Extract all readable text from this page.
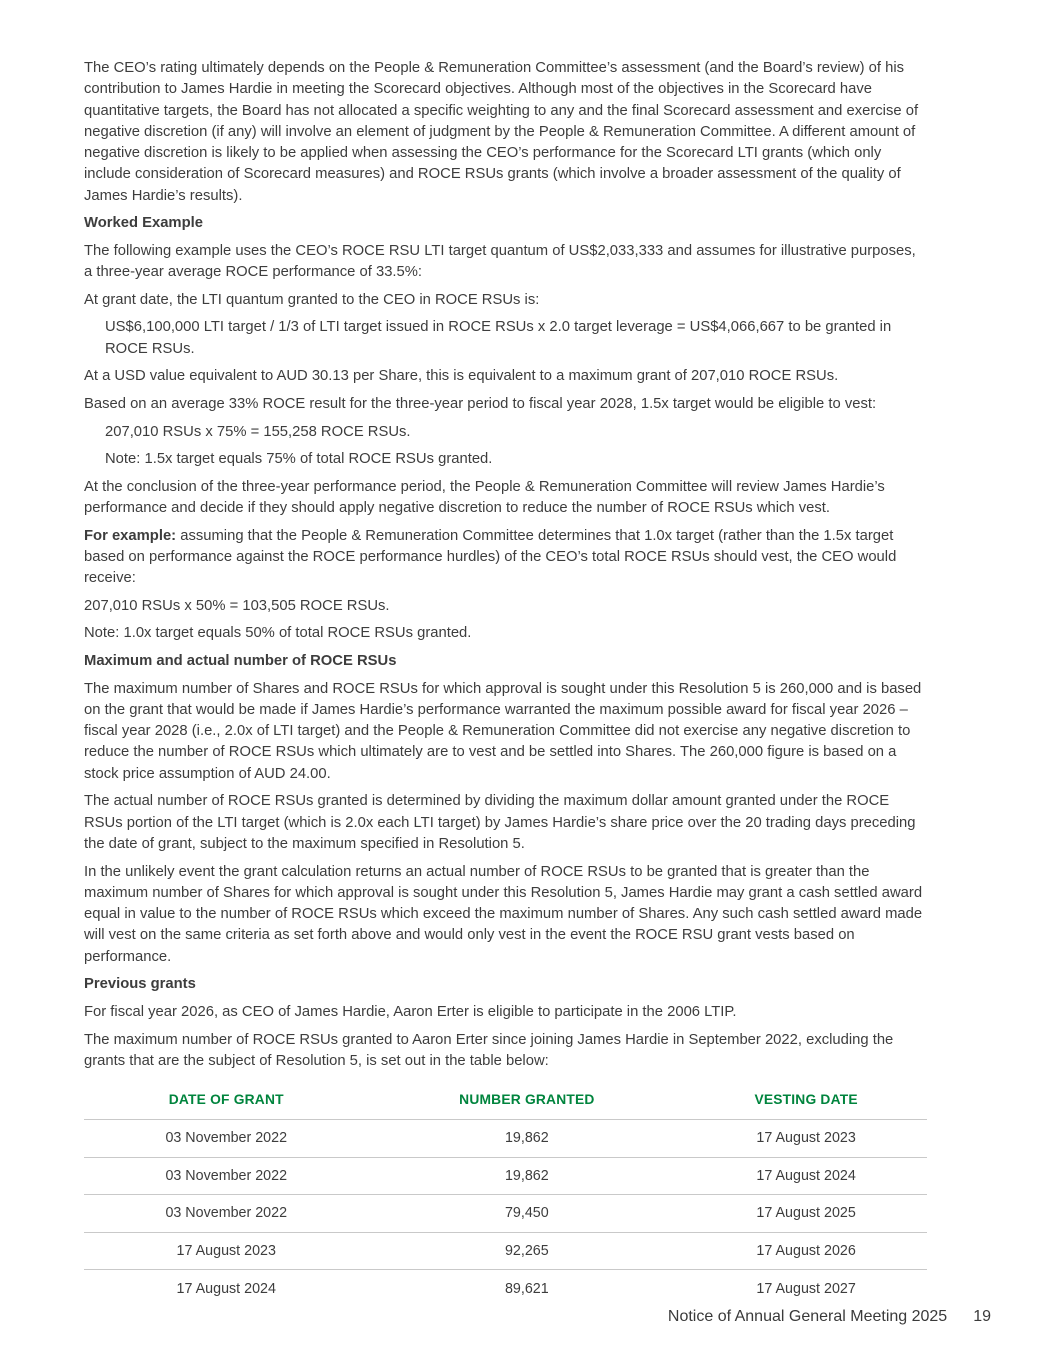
The CEO’s rating ultimately depends on the People & Remuneration Committee’s assessment (and the Board’s review) of his contribution to James Hardie in meeting the Scorecard objectives. Although most of the objectives in the Scorecard have quantitative targets, the Board has not allocated a specific weighting to any and the final Scorecard assessment and exercise of negative discretion (if any) will involve an element of judgment by the People & Remuneration Committee. A different amount of negative discretion is likely to be applied when assessing the CEO’s performance for the Scorecard LTI grants (which only include consideration of Scorecard measures) and ROCE RSUs grants (which involve a broader assessment of the quality of James Hardie’s results).

Worked Example

The following example uses the CEO’s ROCE RSU LTI target quantum of US$2,033,333 and assumes for illustrative purposes, a three-year average ROCE performance of 33.5%:

At grant date, the LTI quantum granted to the CEO in ROCE RSUs is:

US$6,100,000 LTI target / 1/3 of LTI target issued in ROCE RSUs x 2.0 target leverage = US$4,066,667 to be granted in ROCE RSUs.

At a USD value equivalent to AUD 30.13 per Share, this is equivalent to a maximum grant of 207,010 ROCE RSUs.

Based on an average 33% ROCE result for the three-year period to fiscal year 2028, 1.5x target would be eligible to vest:

207,010 RSUs x 75% = 155,258 ROCE RSUs.

Note: 1.5x target equals 75% of total ROCE RSUs granted.

At the conclusion of the three-year performance period, the People & Remuneration Committee will review James Hardie’s performance and decide if they should apply negative discretion to reduce the number of ROCE RSUs which vest.

For example: assuming that the People & Remuneration Committee determines that 1.0x target (rather than the 1.5x target based on performance against the ROCE performance hurdles) of the CEO’s total ROCE RSUs should vest, the CEO would receive:

207,010 RSUs x 50% = 103,505 ROCE RSUs.

Note: 1.0x target equals 50% of total ROCE RSUs granted.

Maximum and actual number of ROCE RSUs

The maximum number of Shares and ROCE RSUs for which approval is sought under this Resolution 5 is 260,000 and is based on the grant that would be made if James Hardie’s performance warranted the maximum possible award for fiscal year 2026 – fiscal year 2028 (i.e., 2.0x of LTI target) and the People & Remuneration Committee did not exercise any negative discretion to reduce the number of ROCE RSUs which ultimately are to vest and be settled into Shares. The 260,000 figure is based on a stock price assumption of AUD 24.00.

The actual number of ROCE RSUs granted is determined by dividing the maximum dollar amount granted under the ROCE RSUs portion of the LTI target (which is 2.0x each LTI target) by James Hardie’s share price over the 20 trading days preceding the date of grant, subject to the maximum specified in Resolution 5.

In the unlikely event the grant calculation returns an actual number of ROCE RSUs to be granted that is greater than the maximum number of Shares for which approval is sought under this Resolution 5, James Hardie may grant a cash settled award equal in value to the number of ROCE RSUs which exceed the maximum number of Shares. Any such cash settled award made will vest on the same criteria as set forth above and would only vest in the event the ROCE RSU grant vests based on performance.

Previous grants

For fiscal year 2026, as CEO of James Hardie, Aaron Erter is eligible to participate in the 2006 LTIP.

The maximum number of ROCE RSUs granted to Aaron Erter since joining James Hardie in September 2022, excluding the grants that are the subject of Resolution 5, is set out in the table below:

DATE OF GRANT	NUMBER GRANTED	VESTING DATE
03 November 2022	19,862	17 August 2023
03 November 2022	19,862	17 August 2024
03 November 2022	79,450	17 August 2025
17 August 2023	92,265	17 August 2026
17 August 2024	89,621	17 August 2027
Notice of Annual General Meeting 2025 19
